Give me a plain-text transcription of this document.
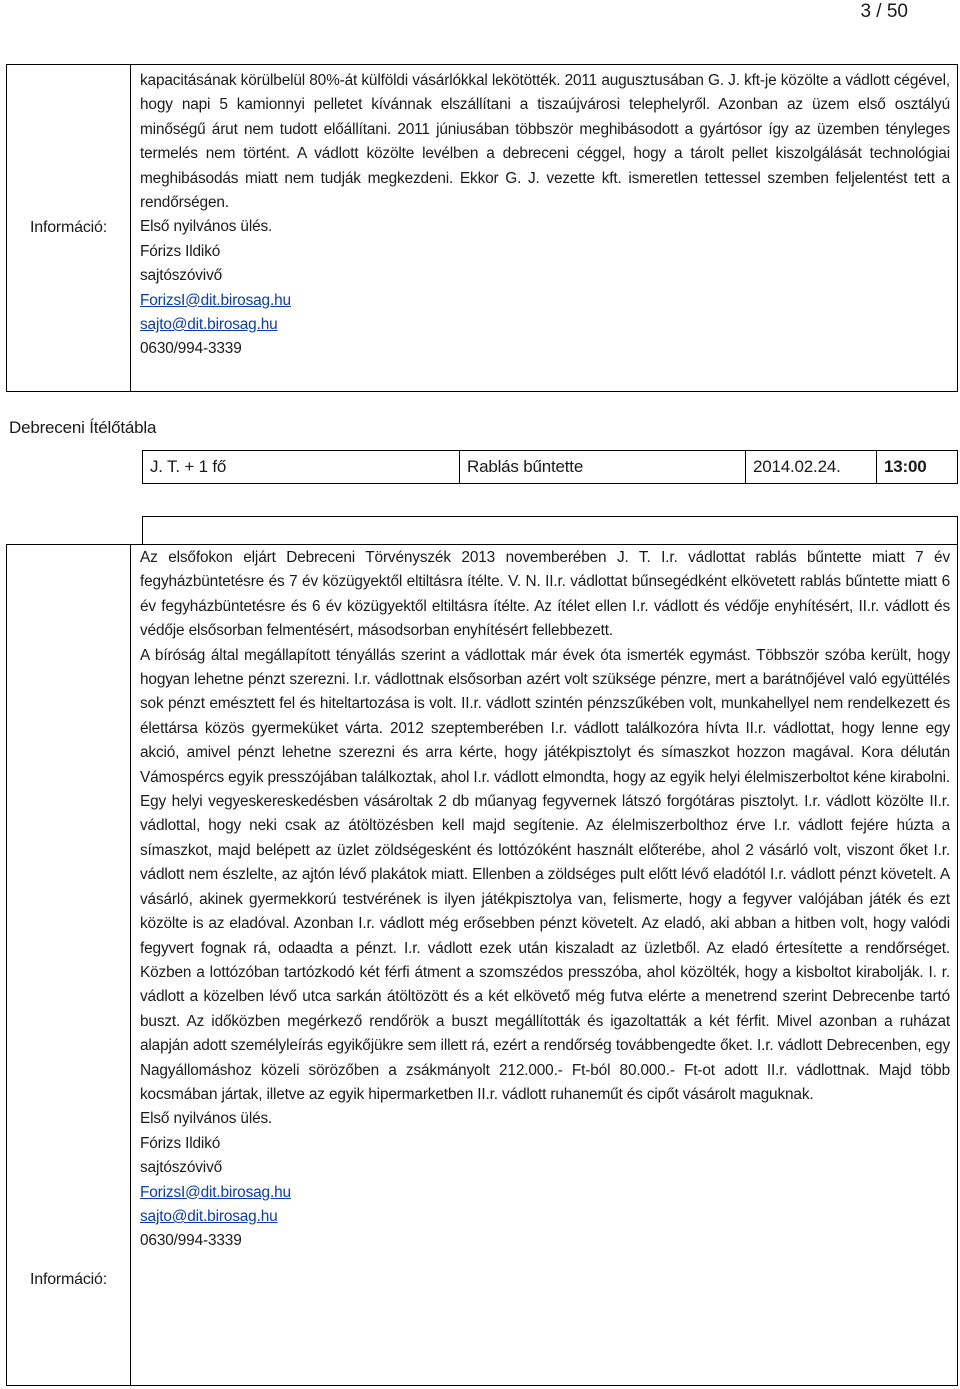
3 / 50
Információ:

kapacitásának körülbelül 80%-át külföldi vásárlókkal lekötötték. 2011 augusztusában G. J. kft-je közölte a vádlott cégével, hogy napi 5 kamionnyi pelletet kívánnak elszállítani a tiszaújvárosi telephelyről. Azonban az üzem első osztályú minőségű árut nem tudott előállítani. 2011 júniusában többször meghibásodott a gyártósor így az üzemben tényleges termelés nem történt. A vádlott közölte levélben a debreceni céggel, hogy a tárolt pellet kiszolgálását technológiai meghibásodás miatt nem tudják megkezdeni. Ekkor G. J. vezette kft. ismeretlen tettessel szemben feljelentést tett a rendőrségen.

Első nyilvános ülés.
Fórizs Ildikó
sajtószóvivő
ForizsI@dit.birosag.hu
sajto@dit.birosag.hu
0630/994-3339
Debreceni Ítélőtábla
J. T. + 1 fő	Rablás bűntette	2014.02.24.	13:00
Információ:

Az elsőfokon eljárt Debreceni Törvényszék 2013 novemberében J. T. I.r. vádlottat rablás bűntette miatt 7 év fegyházbüntetésre és 7 év közügyektől eltiltásra ítélte. V. N. II.r. vádlottat bűnsegédként elkövetett rablás bűntette miatt 6 év fegyházbüntetésre és 6 év közügyektől eltiltásra ítélte. Az ítélet ellen I.r. vádlott és védője enyhítésért, II.r. vádlott és védője elsősorban felmentésért, másodsorban enyhítésért fellebbezett.

A bíróság által megállapított tényállás szerint a vádlottak már évek óta ismerték egymást. Többször szóba került, hogy hogyan lehetne pénzt szerezni. I.r. vádlottnak elsősorban azért volt szüksége pénzre, mert a barátnőjével való együttélés sok pénzt emésztett fel és hiteltartozása is volt. II.r. vádlott szintén pénzszűkében volt, munkahellyel nem rendelkezett és élettársa közös gyermeküket várta. 2012 szeptemberében I.r. vádlott találkozóra hívta II.r. vádlottat, hogy lenne egy akció, amivel pénzt lehetne szerezni és arra kérte, hogy játékpisztolyt és símaszkot hozzon magával. Kora délután Vámospércs egyik presszójában találkoztak, ahol I.r. vádlott elmondta, hogy az egyik helyi élelmiszerboltot kéne kirabolni. Egy helyi vegyeskereskedésben vásároltak 2 db műanyag fegyvernek látszó forgótáras pisztolyt. I.r. vádlott közölte II.r. vádlottal, hogy neki csak az átöltözésben kell majd segítenie. Az élelmiszerbolthoz érve I.r. vádlott fejére húzta a símaszkot, majd belépett az üzlet zöldségesként és lottózóként használt előterébe, ahol 2 vásárló volt, viszont őket I.r. vádlott nem észlelte, az ajtón lévő plakátok miatt. Ellenben a zöldséges pult előtt lévő eladótól I.r. vádlott pénzt követelt. A vásárló, akinek gyermekkorú testvérének is ilyen játékpisztolya van, felismerte, hogy a fegyver valójában játék és ezt közölte is az eladóval. Azonban I.r. vádlott még erősebben pénzt követelt. Az eladó, aki abban a hitben volt, hogy valódi fegyvert fognak rá, odaadta a pénzt. I.r. vádlott ezek után kiszaladt az üzletből. Az eladó értesítette a rendőrséget. Közben a lottózóban tartózkodó két férfi átment a szomszédos presszóba, ahol közölték, hogy a kisboltot kirabolják. I. r. vádlott a közelben lévő utca sarkán átöltözött és a két elkövető még futva elérte a menetrend szerint Debrecenbe tartó buszt. Az időközben megérkező rendőrök a buszt megállították és igazoltatták a két férfit. Mivel azonban a ruházat alapján adott személyleírás egyikőjükre sem illett rá, ezért a rendőrség továbbengedte őket. I.r. vádlott Debrecenben, egy Nagyállomáshoz közeli sörözőben a zsákmányolt 212.000.- Ft-ból 80.000.- Ft-ot adott II.r. vádlottnak. Majd több kocsmában jártak, illetve az egyik hipermarketben II.r. vádlott ruhaneműt és cipőt vásárolt maguknak.

Első nyilvános ülés.
Fórizs Ildikó
sajtószóvivő
ForizsI@dit.birosag.hu
sajto@dit.birosag.hu
0630/994-3339
